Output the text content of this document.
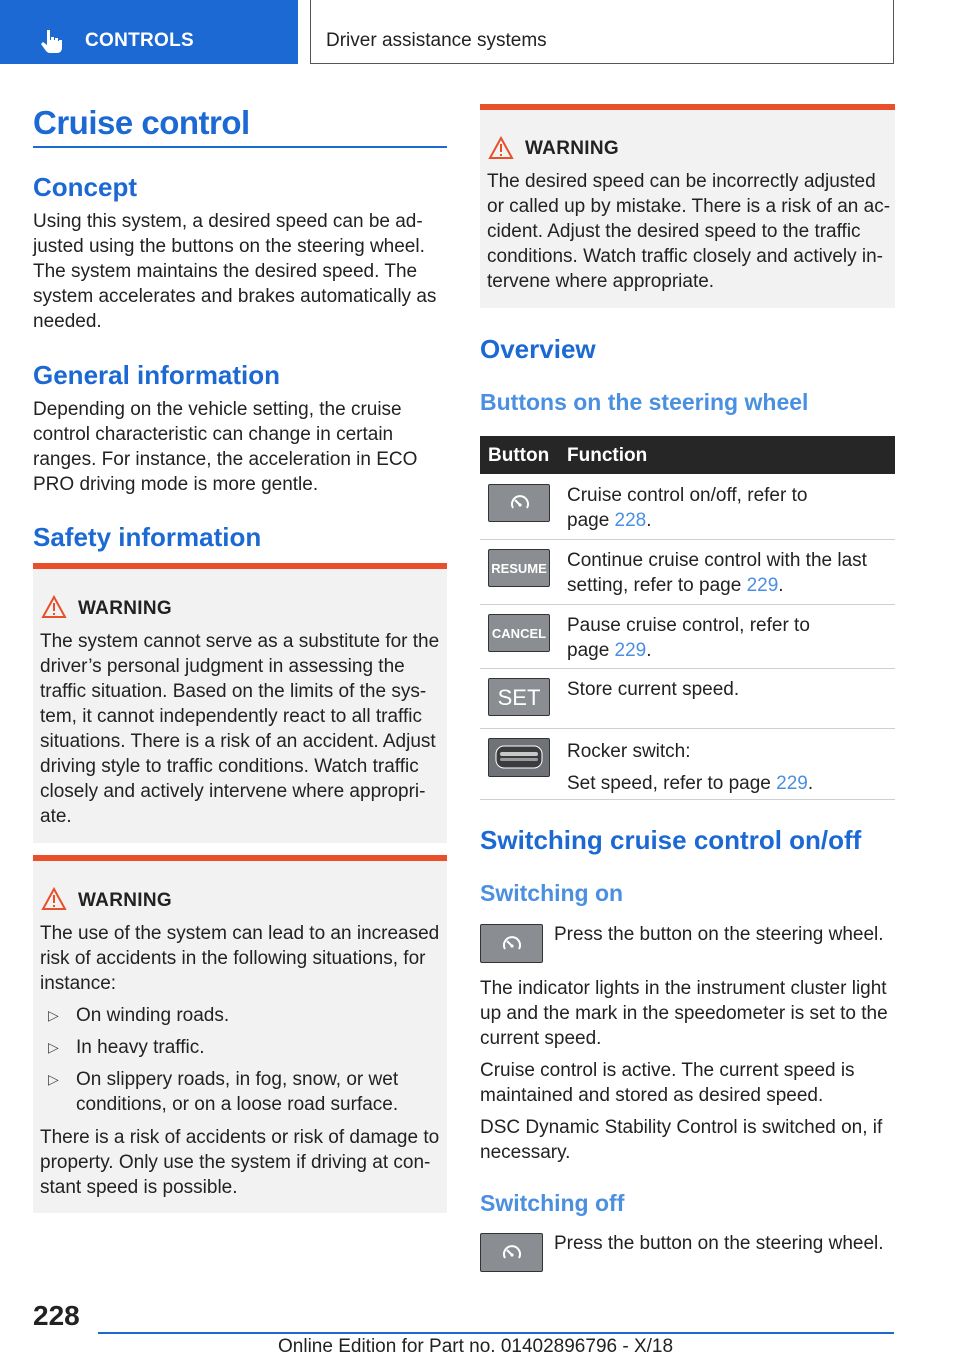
CONTROLS	Driver assistance systems
Cruise control
Concept

Using this system, a desired speed can be ad-justed using the buttons on the steering wheel. The system maintains the desired speed. The system accelerates and brakes automatically as needed.

General information

Depending on the vehicle setting, the cruise control characteristic can change in certain ranges. For instance, the acceleration in ECO PRO driving mode is more gentle.

Safety information
WARNING

The system cannot serve as a substitute for the driver’s personal judgment in assessing the traffic situation. Based on the limits of the sys-tem, it cannot independently react to all traffic situations. There is a risk of an accident. Adjust driving style to traffic conditions. Watch traffic closely and actively intervene where appropri-ate.

WARNING

The use of the system can lead to an increased risk of accidents in the following situations, for instance:

▷ On winding roads.
▷ In heavy traffic.
▷ On slippery roads, in fog, snow, or wet conditions, or on a loose road surface.

There is a risk of accidents or risk of damage to property. Only use the system if driving at con-stant speed is possible.

WARNING

The desired speed can be incorrectly adjusted or called up by mistake. There is a risk of an ac-cident. Adjust the desired speed to the traffic conditions. Watch traffic closely and actively in-tervene where appropriate.

Overview
Buttons on the steering wheel
Button Function
Cruise control on/off, refer to
page 228.
RESUME Continue cruise control with the last
setting, refer to page 229.
CANCEL Pause cruise control, refer to
page 229.
SET	Store current speed.
Rocker switch:
Set speed, refer to page 229.
Switching cruise control on/off
Switching on

Press the button on the steering wheel.

The indicator lights in the instrument cluster light up and the mark in the speedometer is set to the current speed.

Cruise control is active. The current speed is maintained and stored as desired speed.

DSC Dynamic Stability Control is switched on, if necessary.

Switching off

Press the button on the steering wheel.

228
Online Edition for Part no. 01402896796 - X/18
